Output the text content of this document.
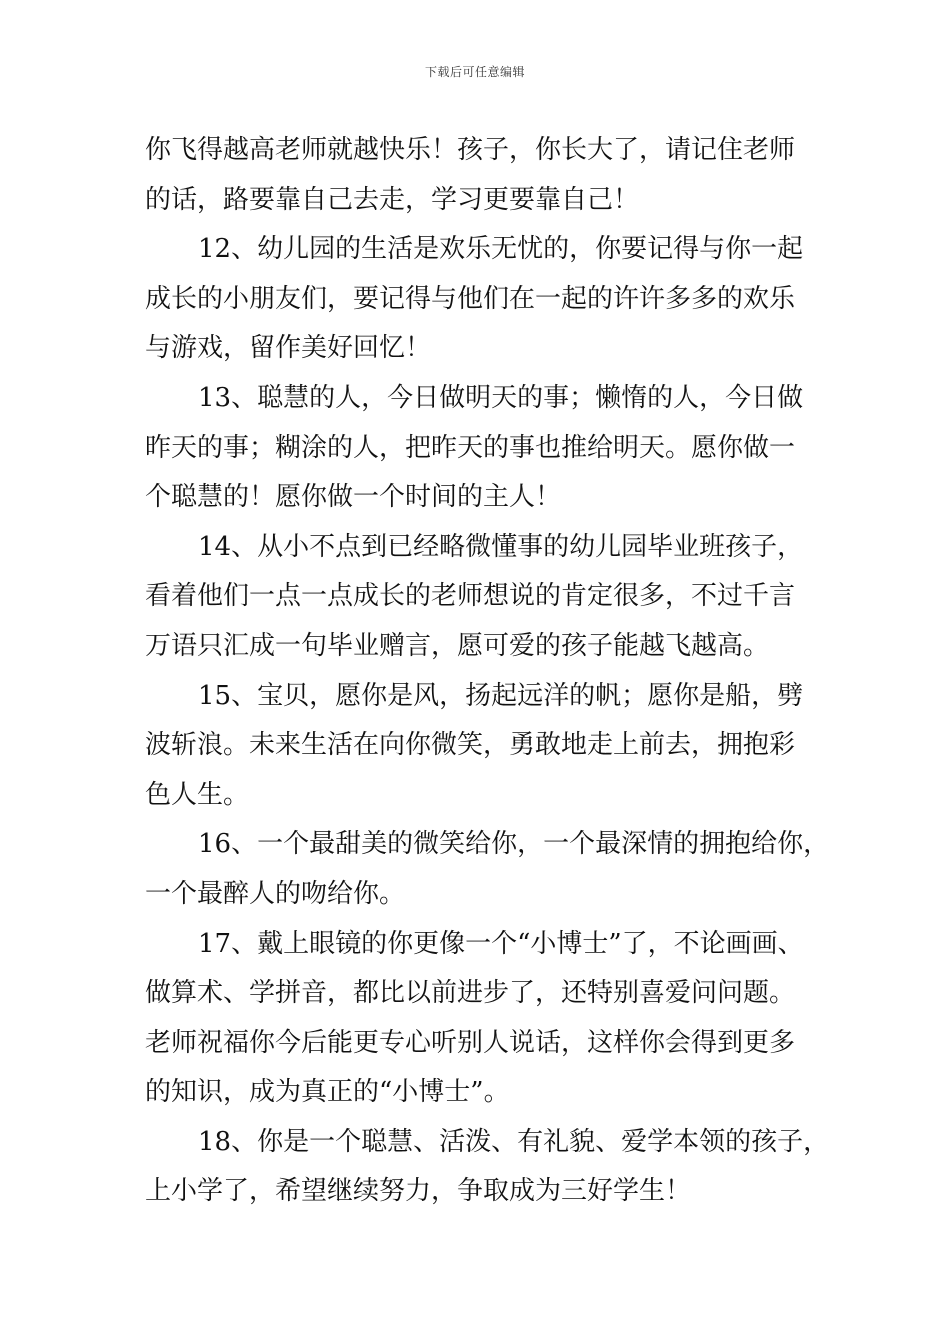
下载后可任意编辑
你飞得越高老师就越快乐！孩子，你长大了，请记住老师
的话，路要靠自己去走，学习更要靠自己！
12、幼儿园的生活是欢乐无忧的，你要记得与你一起
成长的小朋友们，要记得与他们在一起的许许多多的欢乐
与游戏，留作美好回忆！
13、聪慧的人，今日做明天的事；懒惰的人，今日做
昨天的事；糊涂的人，把昨天的事也推给明天。愿你做一
个聪慧的！愿你做一个时间的主人！
14、从小不点到已经略微懂事的幼儿园毕业班孩子，
看着他们一点一点成长的老师想说的肯定很多，不过千言
万语只汇成一句毕业赠言，愿可爱的孩子能越飞越高。
15、宝贝，愿你是风，扬起远洋的帆；愿你是船，劈
波斩浪。未来生活在向你微笑，勇敢地走上前去，拥抱彩
色人生。
16、一个最甜美的微笑给你，一个最深情的拥抱给你，
一个最醉人的吻给你。
17、戴上眼镜的你更像一个“小博士”了，不论画画、
做算术、学拼音，都比以前进步了，还特别喜爱问问题。
老师祝福你今后能更专心听别人说话，这样你会得到更多
的知识，成为真正的“小博士”。
18、你是一个聪慧、活泼、有礼貌、爱学本领的孩子，
上小学了，希望继续努力，争取成为三好学生！
